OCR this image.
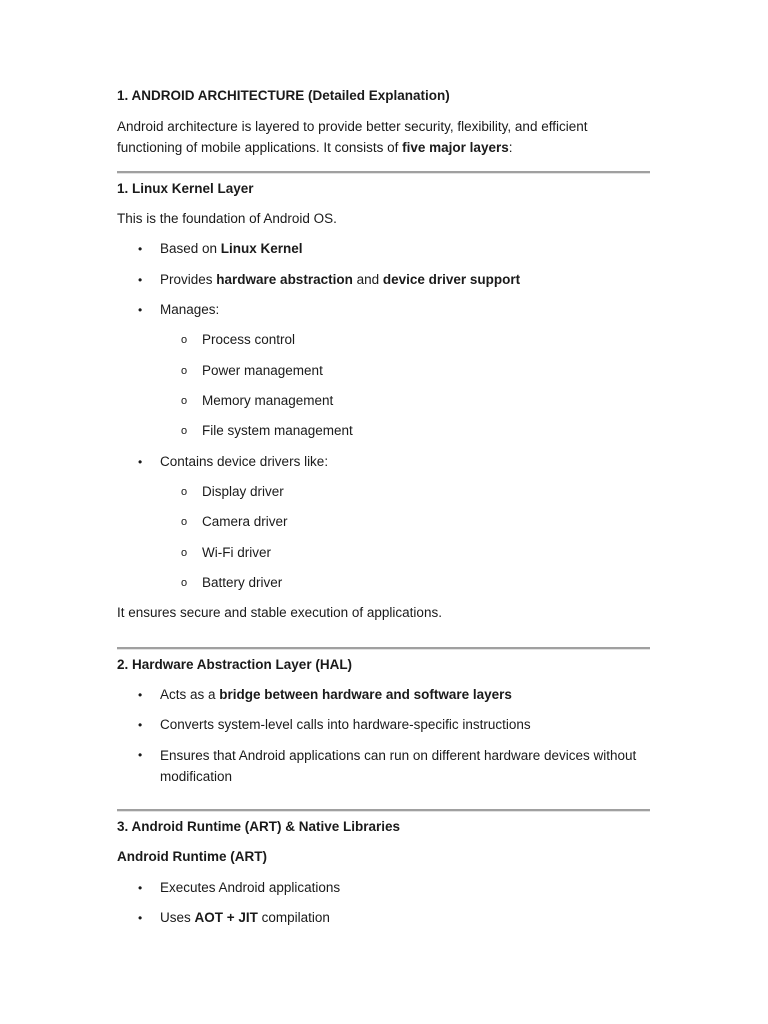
1. ANDROID ARCHITECTURE (Detailed Explanation)
Android architecture is layered to provide better security, flexibility, and efficient functioning of mobile applications. It consists of five major layers:
1. Linux Kernel Layer
This is the foundation of Android OS.
• Based on Linux Kernel
• Provides hardware abstraction and device driver support
• Manages:
o Process control
o Power management
o Memory management
o File system management
• Contains device drivers like:
o Display driver
o Camera driver
o Wi-Fi driver
o Battery driver
It ensures secure and stable execution of applications.
2. Hardware Abstraction Layer (HAL)
• Acts as a bridge between hardware and software layers
• Converts system-level calls into hardware-specific instructions
• Ensures that Android applications can run on different hardware devices without modification
3. Android Runtime (ART) & Native Libraries
Android Runtime (ART)
• Executes Android applications
• Uses AOT + JIT compilation
